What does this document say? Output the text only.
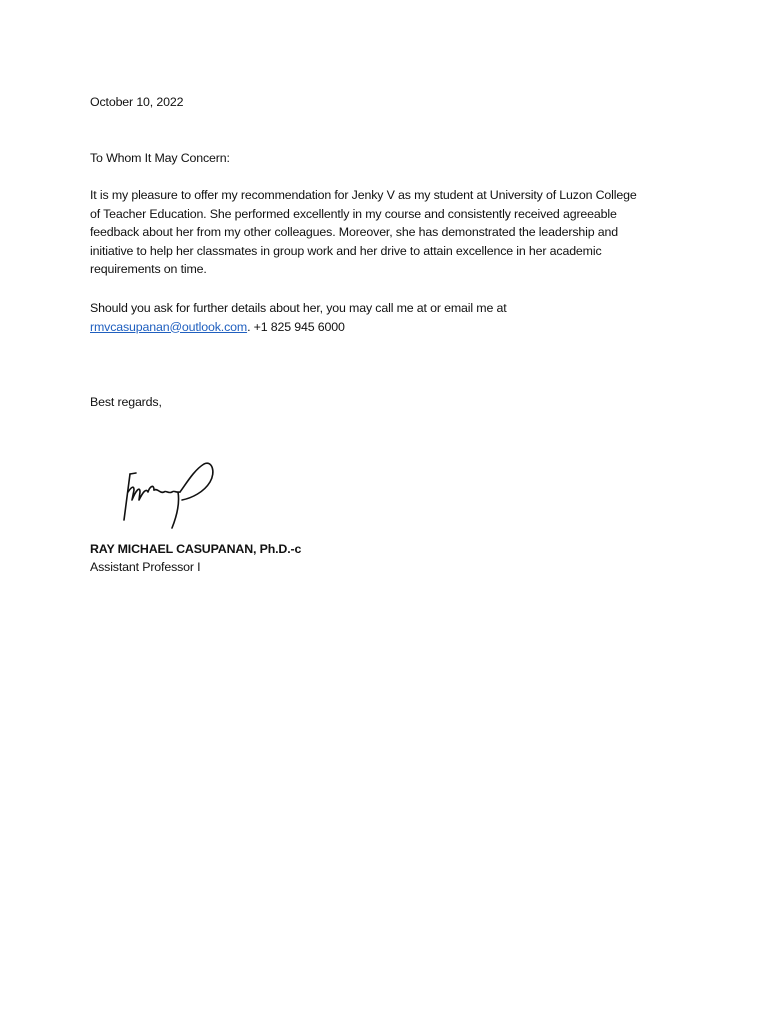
October 10, 2022
To Whom It May Concern:
It is my pleasure to offer my recommendation for Jenky V as my student at University of Luzon College
of Teacher Education. She performed excellently in my course and consistently received agreeable
feedback about her from my other colleagues. Moreover, she has demonstrated the leadership and
initiative to help her classmates in group work and her drive to attain excellence in her academic
requirements on time.
Should you ask for further details about her, you may call me at or email me at
rmvcasupanan@outlook.com. +1 825 945 6000
Best regards,
RAY MICHAEL CASUPANAN, Ph.D.-c
Assistant Professor I
